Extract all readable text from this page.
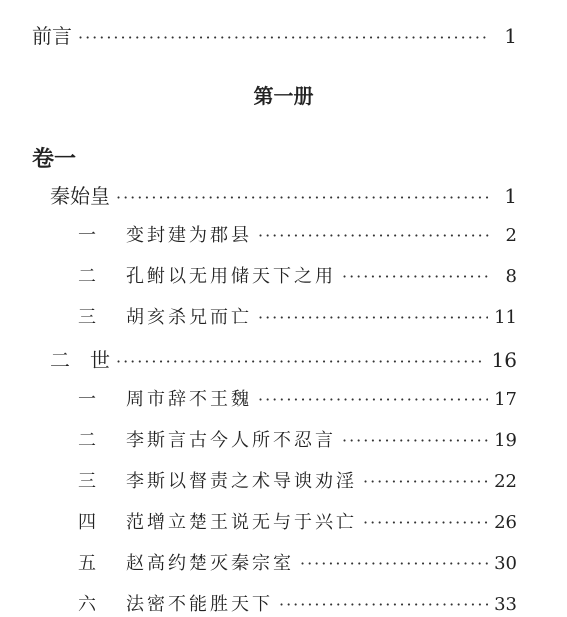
前言 ·····	1
第一册
卷一
秦始皇 ·····	1
一	变封建为郡县 ·····	2
二	孔鲋以无用储天下之用 ·····	8
三	胡亥杀兄而亡 ·····	11
二　世 ·····	16
一	周市辞不王魏 ·····	17
二	李斯言古今人所不忍言 ·····	19
三	李斯以督责之术导谀劝淫 ·····	22
四	范增立楚王说无与于兴亡 ·····	26
五	赵高约楚灭秦宗室 ·····	30
六	法密不能胜天下 ·····	33
